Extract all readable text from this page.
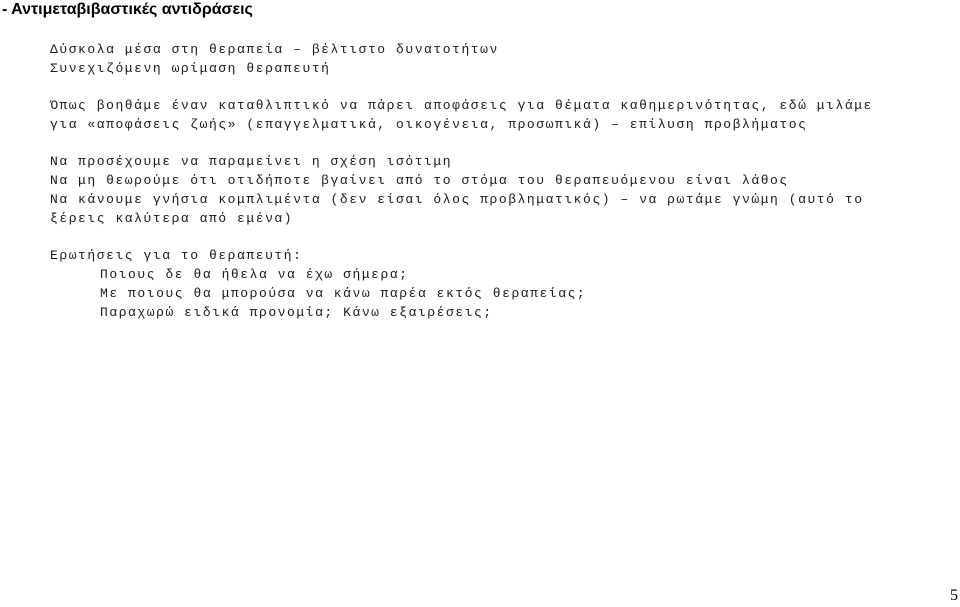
- Αντιμεταβιβαστικές αντιδράσεις
Δύσκολα μέσα στη θεραπεία – βέλτιστο δυνατοτήτων
Συνεχιζόμενη ωρίμαση θεραπευτή
Όπως βοηθάμε έναν καταθλιπτικό να πάρει αποφάσεις για θέματα καθημερινότητας, εδώ μιλάμε
για «αποφάσεις ζωής» (επαγγελματικά, οικογένεια, προσωπικά) – επίλυση προβλήματος
Να προσέχουμε να παραμείνει η σχέση ισότιμη
Να μη θεωρούμε ότι οτιδήποτε βγαίνει από το στόμα του θεραπευόμενου είναι λάθος
Να κάνουμε γνήσια κομπλιμέντα (δεν είσαι όλος προβληματικός) – να ρωτάμε γνώμη (αυτό το
ξέρεις καλύτερα από εμένα)
Ερωτήσεις για το θεραπευτή:
Ποιους δε θα ήθελα να έχω σήμερα;
Με ποιους θα μπορούσα να κάνω παρέα εκτός θεραπείας;
Παραχωρώ ειδικά προνομία; Κάνω εξαιρέσεις;
5
